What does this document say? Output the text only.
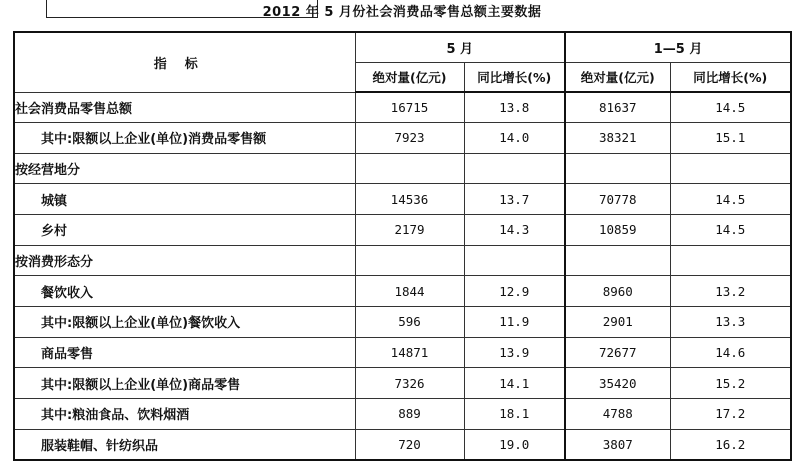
2012 年 5 月份社会消费品零售总额主要数据
指标	5 月		1—5 月	
	绝对量(亿元)	同比增长(%)	绝对量(亿元)	同比增长(%)
社会消费品零售总额	16715	13.8	81637	14.5
其中:限额以上企业(单位)消费品零售额	7923	14.0	38321	15.1
按经营地分				
城镇	14536	13.7	70778	14.5
乡村	2179	14.3	10859	14.5
按消费形态分				
餐饮收入	1844	12.9	8960	13.2
其中:限额以上企业(单位)餐饮收入	596	11.9	2901	13.3
商品零售	14871	13.9	72677	14.6
其中:限额以上企业(单位)商品零售	7326	14.1	35420	15.2
其中:粮油食品、饮料烟酒	889	18.1	4788	17.2
服装鞋帽、针纺织品	720	19.0	3807	16.2
